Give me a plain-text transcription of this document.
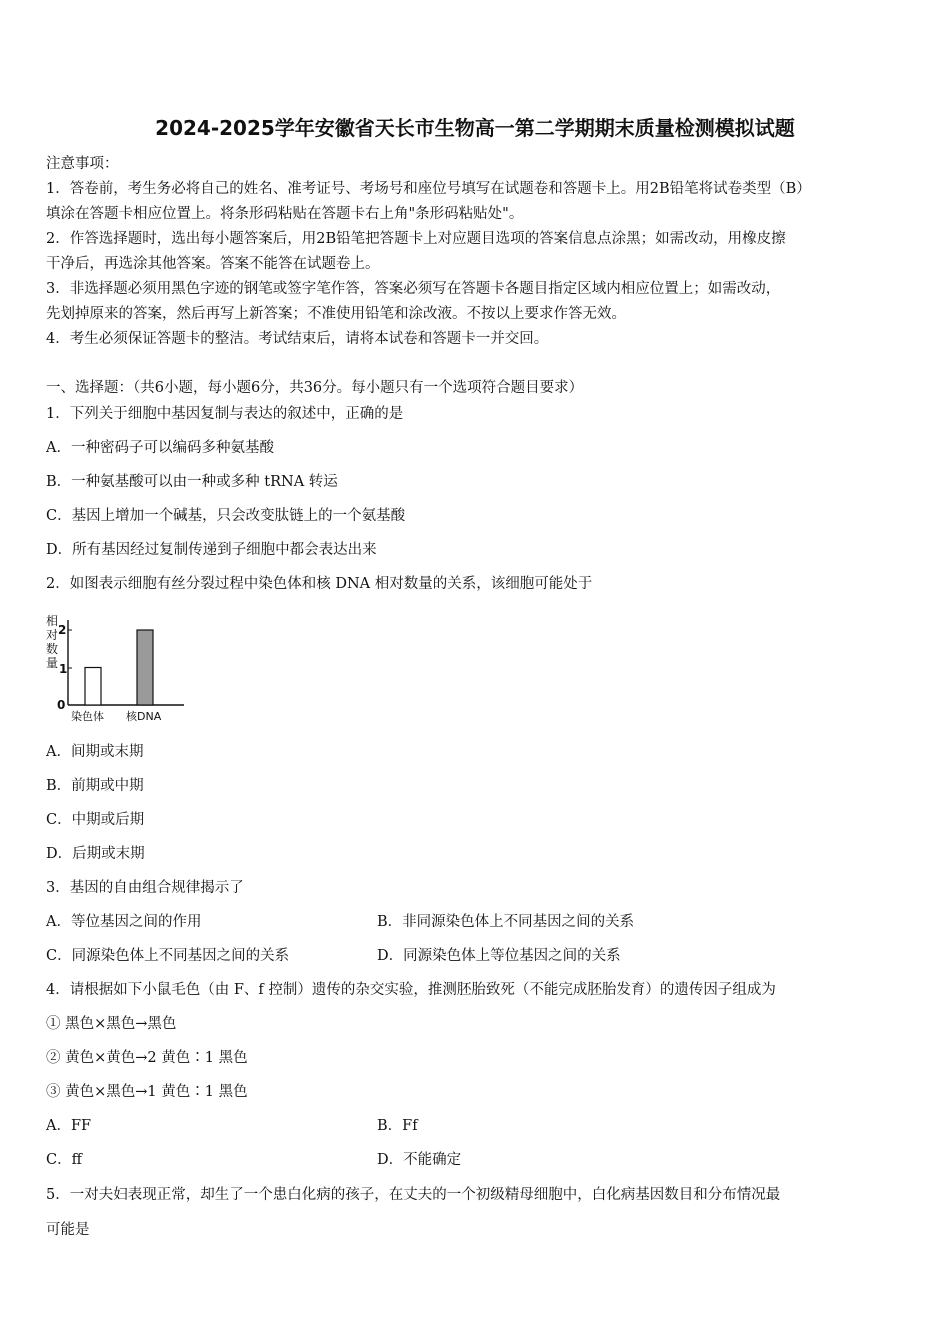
2024-2025学年安徽省天长市生物高一第二学期期末质量检测模拟试题
注意事项：
1．答卷前，考生务必将自己的姓名、准考证号、考场号和座位号填写在试题卷和答题卡上。用2B铅笔将试卷类型（B）
填涂在答题卡相应位置上。将条形码粘贴在答题卡右上角"条形码粘贴处"。
2．作答选择题时，选出每小题答案后，用2B铅笔把答题卡上对应题目选项的答案信息点涂黑；如需改动，用橡皮擦
干净后，再选涂其他答案。答案不能答在试题卷上。
3．非选择题必须用黑色字迹的钢笔或签字笔作答，答案必须写在答题卡各题目指定区域内相应位置上；如需改动，
先划掉原来的答案，然后再写上新答案；不准使用铅笔和涂改液。不按以上要求作答无效。
4．考生必须保证答题卡的整洁。考试结束后，请将本试卷和答题卡一并交回。
一、选择题：（共6小题，每小题6分，共36分。每小题只有一个选项符合题目要求）
1．下列关于细胞中基因复制与表达的叙述中，正确的是
A．一种密码子可以编码多种氨基酸
B．一种氨基酸可以由一种或多种 tRNA 转运
C．基因上增加一个碱基，只会改变肽链上的一个氨基酸
D．所有基因经过复制传递到子细胞中都会表达出来
2．如图表示细胞有丝分裂过程中染色体和核 DNA 相对数量的关系，该细胞可能处于
相
对
数
量
0
1
2
染色体 核DNA
A．间期或末期
B．前期或中期
C．中期或后期
D．后期或末期
3．基因的自由组合规律揭示了
A．等位基因之间的作用	B．非同源染色体上不同基因之间的关系
C．同源染色体上不同基因之间的关系	D．同源染色体上等位基因之间的关系
4．请根据如下小鼠毛色（由 F、f 控制）遗传的杂交实验，推测胚胎致死（不能完成胚胎发育）的遗传因子组成为
① 黑色×黑色→黑色
② 黄色×黄色→2 黄色∶1 黑色
③ 黄色×黑色→1 黄色∶1 黑色
A．FF	B．Ff
C．ff	D．不能确定
5．一对夫妇表现正常，却生了一个患白化病的孩子，在丈夫的一个初级精母细胞中，白化病基因数目和分布情况最
可能是
